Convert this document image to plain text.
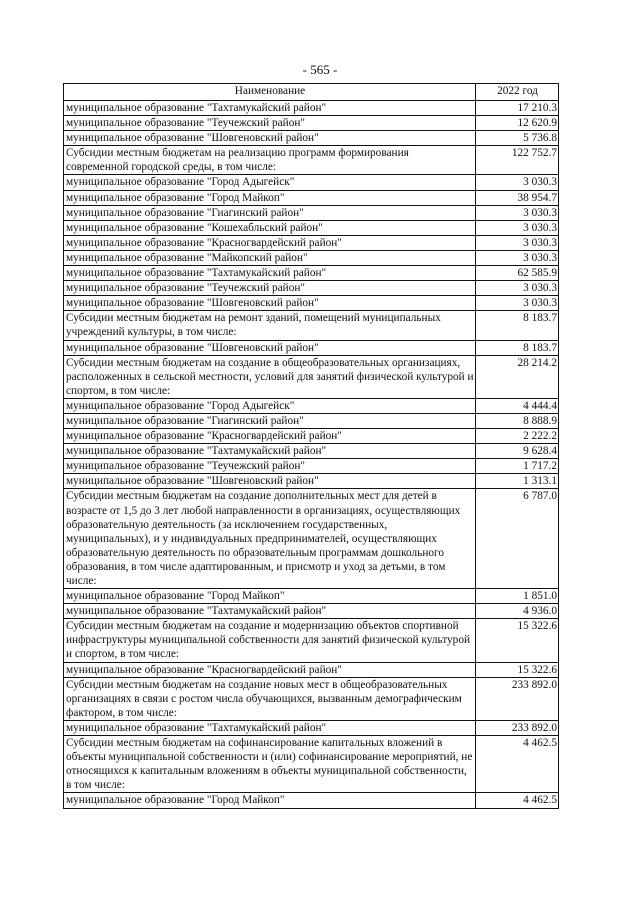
- 565 -
Наименование	2022 год
муниципальное образование "Тахтамукайский район"	17 210.3
муниципальное образование "Теучежский район"	12 620.9
муниципальное образование "Шовгеновский район"	5 736.8
Субсидии местным бюджетам на реализацию программ формирования современной городской среды, в том числе:	122 752.7
муниципальное образование "Город Адыгейск"	3 030.3
муниципальное образование "Город Майкоп"	38 954.7
муниципальное образование "Гиагинский район"	3 030.3
муниципальное образование "Кошехабльский район"	3 030.3
муниципальное образование "Красногвардейский район"	3 030.3
муниципальное образование "Майкопский район"	3 030.3
муниципальное образование "Тахтамукайский район"	62 585.9
муниципальное образование "Теучежский район"	3 030.3
муниципальное образование "Шовгеновский район"	3 030.3
Субсидии местным бюджетам на ремонт зданий, помещений муниципальных учреждений культуры, в том числе:	8 183.7
муниципальное образование "Шовгеновский район"	8 183.7
Субсидии местным бюджетам на создание в общеобразовательных организациях, расположенных в сельской местности, условий для занятий физической культурой и спортом, в том числе:	28 214.2
муниципальное образование "Город Адыгейск"	4 444.4
муниципальное образование "Гиагинский район"	8 888.9
муниципальное образование "Красногвардейский район"	2 222.2
муниципальное образование "Тахтамукайский район"	9 628.4
муниципальное образование "Теучежский район"	1 717.2
муниципальное образование "Шовгеновский район"	1 313.1
Субсидии местным бюджетам на создание дополнительных мест для детей в возрасте от 1,5 до 3 лет любой направленности в организациях, осуществляющих образовательную деятельность (за исключением государственных, муниципальных), и у индивидуальных предпринимателей, осуществляющих образовательную деятельность по образовательным программам дошкольного образования, в том числе адаптированным, и присмотр и уход за детьми, в том числе:	6 787.0
муниципальное образование "Город Майкоп"	1 851.0
муниципальное образование "Тахтамукайский район"	4 936.0
Субсидии местным бюджетам на создание и модернизацию объектов спортивной инфраструктуры муниципальной собственности для занятий физической культурой и спортом, в том числе:	15 322.6
муниципальное образование "Красногвардейский район"	15 322.6
Субсидии местным бюджетам на создание новых мест в общеобразовательных организациях в связи с ростом числа обучающихся, вызванным демографическим фактором, в том числе:	233 892.0
муниципальное образование "Тахтамукайский район"	233 892.0
Субсидии местным бюджетам на софинансирование капитальных вложений в объекты муниципальной собственности и (или) софинансирование мероприятий, не относящихся к капитальным вложениям в объекты муниципальной собственности, в том числе:	4 462.5
муниципальное образование "Город Майкоп"	4 462.5
